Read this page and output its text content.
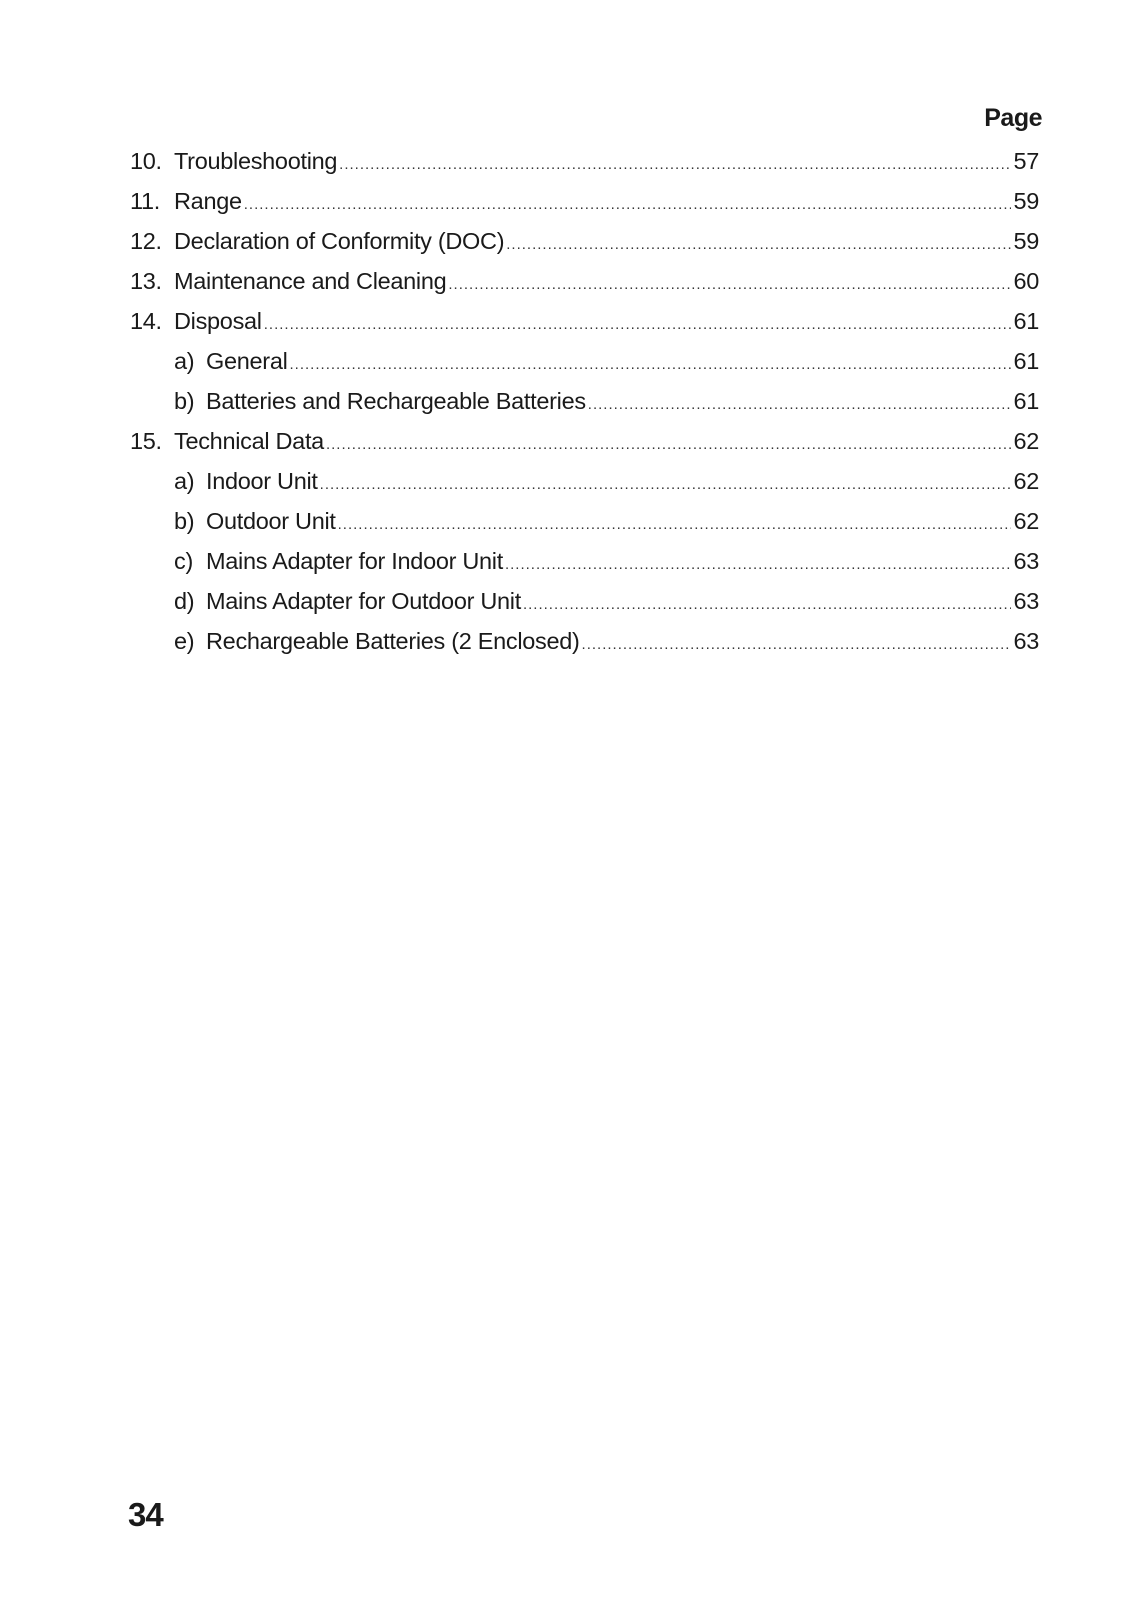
Page
10. Troubleshooting .....	57
11. Range .....	59
12. Declaration of Conformity (DOC) .....	59
13. Maintenance and Cleaning .....	60
14. Disposal .....	61
a) General .....	61
b) Batteries and Rechargeable Batteries .....	61
15. Technical Data .....	62
a) Indoor Unit .....	62
b) Outdoor Unit .....	62
c) Mains Adapter for Indoor Unit .....	63
d) Mains Adapter for Outdoor Unit .....	63
e) Rechargeable Batteries (2 Enclosed) .....	63
34
